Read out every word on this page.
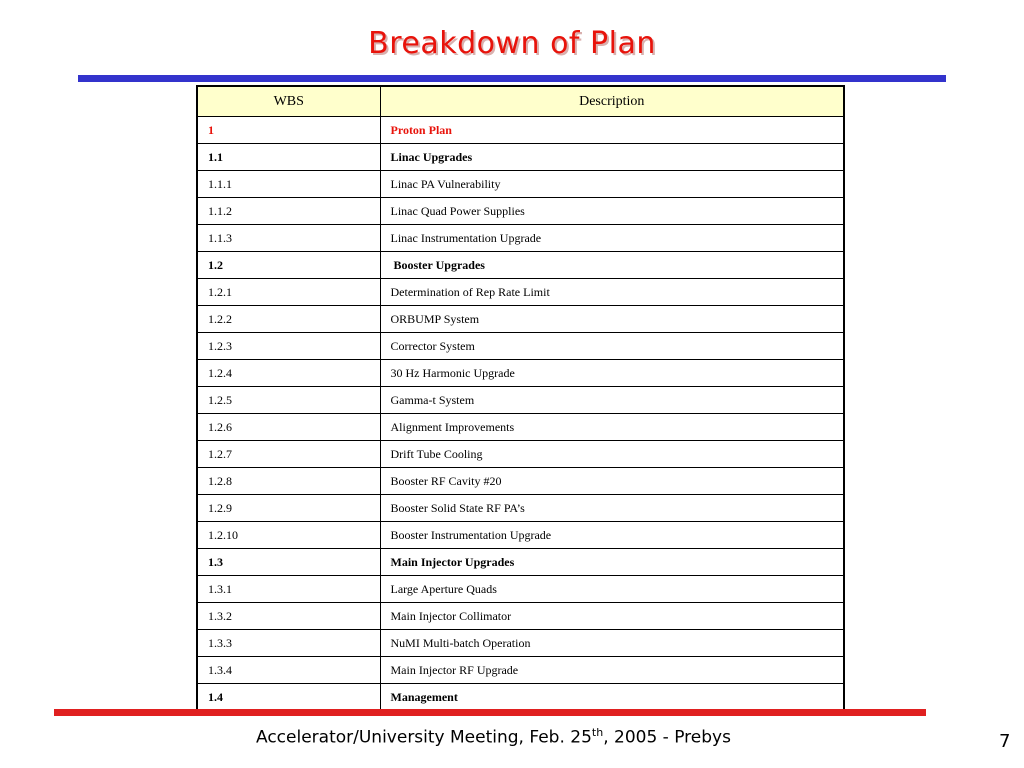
Breakdown of Plan
WBS	Description
1	Proton Plan
1.1	Linac Upgrades
1.1.1	Linac PA Vulnerability
1.1.2	Linac Quad Power Supplies
1.1.3	Linac Instrumentation Upgrade
1.2	Booster Upgrades
1.2.1	Determination of Rep Rate Limit
1.2.2	ORBUMP System
1.2.3	Corrector System
1.2.4	30 Hz Harmonic Upgrade
1.2.5	Gamma-t System
1.2.6	Alignment Improvements
1.2.7	Drift Tube Cooling
1.2.8	Booster RF Cavity #20
1.2.9	Booster Solid State RF PA’s
1.2.10	Booster Instrumentation Upgrade
1.3	Main Injector Upgrades
1.3.1	Large Aperture Quads
1.3.2	Main Injector Collimator
1.3.3	NuMI Multi-batch Operation
1.3.4	Main Injector RF Upgrade
1.4	Management
Accelerator/University Meeting, Feb. 25th, 2005 - Prebys	7
